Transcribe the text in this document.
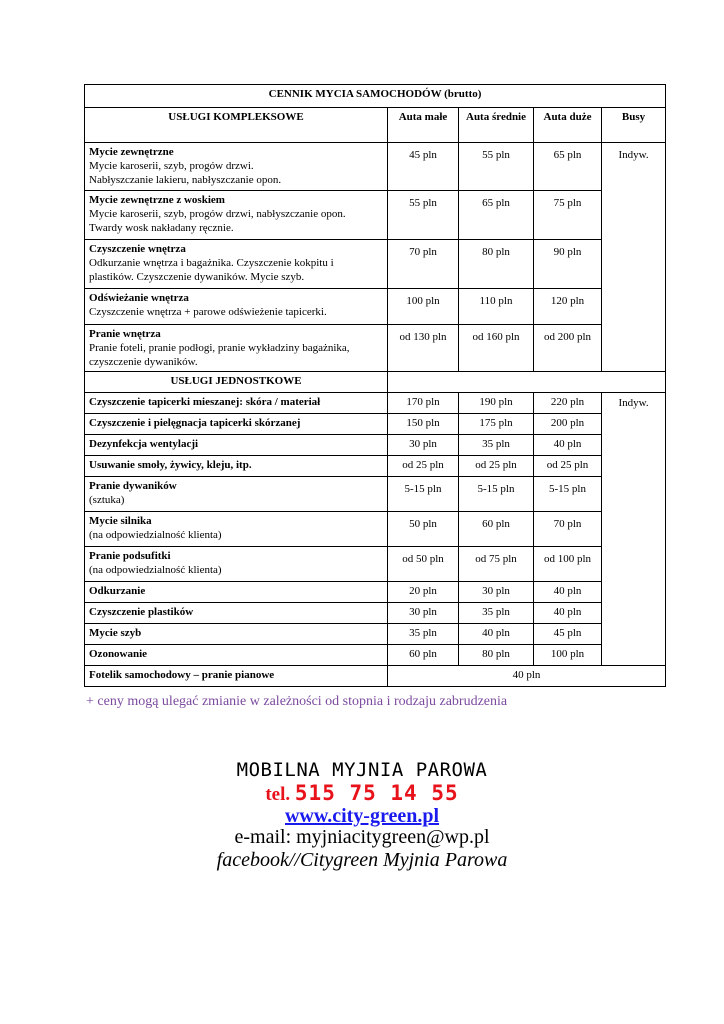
CENNIK MYCIA SAMOCHODÓW (brutto)				
USŁUGI KOMPLEKSOWE	Auta małe	Auta średnie	Auta duże	Busy

Mycie zewnętrzne
Mycie karoserii, szyb, progów drzwi.
Nabłyszczanie lakieru, nabłyszczanie opon.	45 pln	55 pln	65 pln	Indyw.

Mycie zewnętrzne z woskiem
Mycie karoserii, szyb, progów drzwi, nabłyszczanie opon.
Twardy wosk nakładany ręcznie.	55 pln	65 pln	75 pln	

Czyszczenie wnętrza
Odkurzanie wnętrza i bagażnika. Czyszczenie kokpitu i
plastików. Czyszczenie dywaników. Mycie szyb.	70 pln	80 pln	90 pln	

Odświeżanie wnętrza
Czyszczenie wnętrza + parowe odświeżenie tapicerki.	100 pln	110 pln	120 pln	

Pranie wnętrza
Pranie foteli, pranie podłogi, pranie wykładziny bagażnika,
czyszczenie dywaników.	od 130 pln	od 160 pln	od 200 pln	
USŁUGI JEDNOSTKOWE				

Czyszczenie tapicerki mieszanej: skóra / materiał	170 pln	190 pln	220 pln	Indyw.

Czyszczenie i pielęgnacja tapicerki skórzanej	150 pln	175 pln	200 pln	

Dezynfekcja wentylacji	30 pln	35 pln	40 pln	

Usuwanie smoły, żywicy, kleju, itp.	od 25 pln	od 25 pln	od 25 pln	

Pranie dywaników
(sztuka)	5-15 pln	5-15 pln	5-15 pln	

Mycie silnika
(na odpowiedzialność klienta)	50 pln	60 pln	70 pln	

Pranie podsufitki
(na odpowiedzialność klienta)	od 50 pln	od 75 pln	od 100 pln	

Odkurzanie	20 pln	30 pln	40 pln	

Czyszczenie plastików	30 pln	35 pln	40 pln	

Mycie szyb	35 pln	40 pln	45 pln	

Ozonowanie	60 pln	80 pln	100 pln	
Fotelik samochodowy – pranie pianowe	40 pln			
+ ceny mogą ulegać zmianie w zależności od stopnia i rodzaju zabrudzenia
MOBILNA MYJNIA PAROWA
tel. 515 75 14 55
www.city-green.pl
e-mail: myjniacitygreen@wp.pl
facebook//Citygreen Myjnia Parowa
